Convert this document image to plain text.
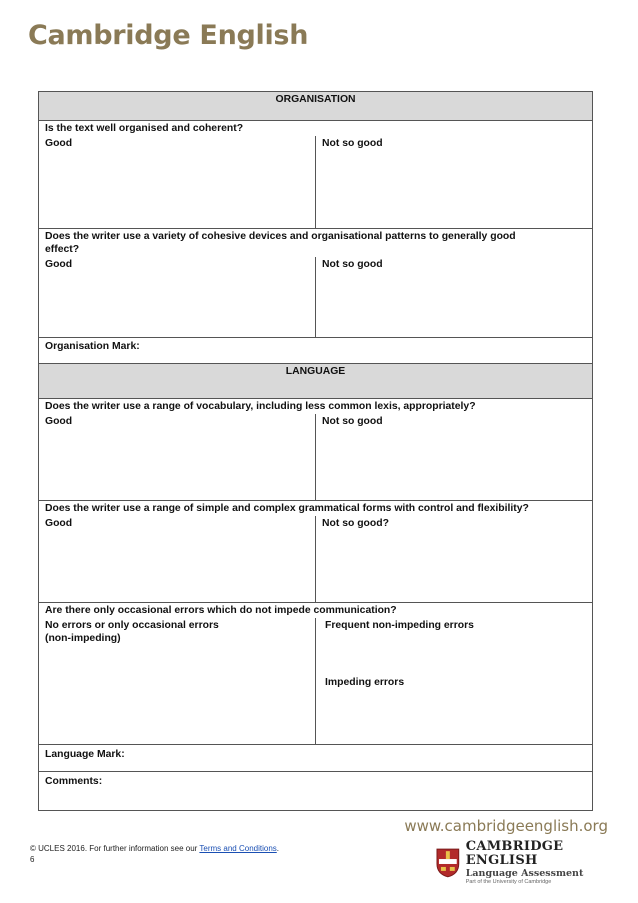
Cambridge English
ORGANISATION	
Is the text well organised and coherent?	
Good	Not so good

Does the writer use a variety of cohesive devices and organisational patterns to generally good
effect?	

Good	Not so good
Organisation Mark:	
LANGUAGE	
Does the writer use a range of vocabulary, including less common lexis, appropriately?	
Good	Not so good
Does the writer use a range of simple and complex grammatical forms with control and flexibility?	
Good	Not so good?
Are there only occasional errors which do not impede communication?	

No errors or only occasional errors
(non-impeding)	Frequent non-impeding errors
Impeding errors

Language Mark:	
Comments:	
www.cambridgeenglish.org
© UCLES 2016. For further information see our Terms and Conditions.
6
CAMBRIDGE ENGLISH
Language Assessment
Part of the University of Cambridge
